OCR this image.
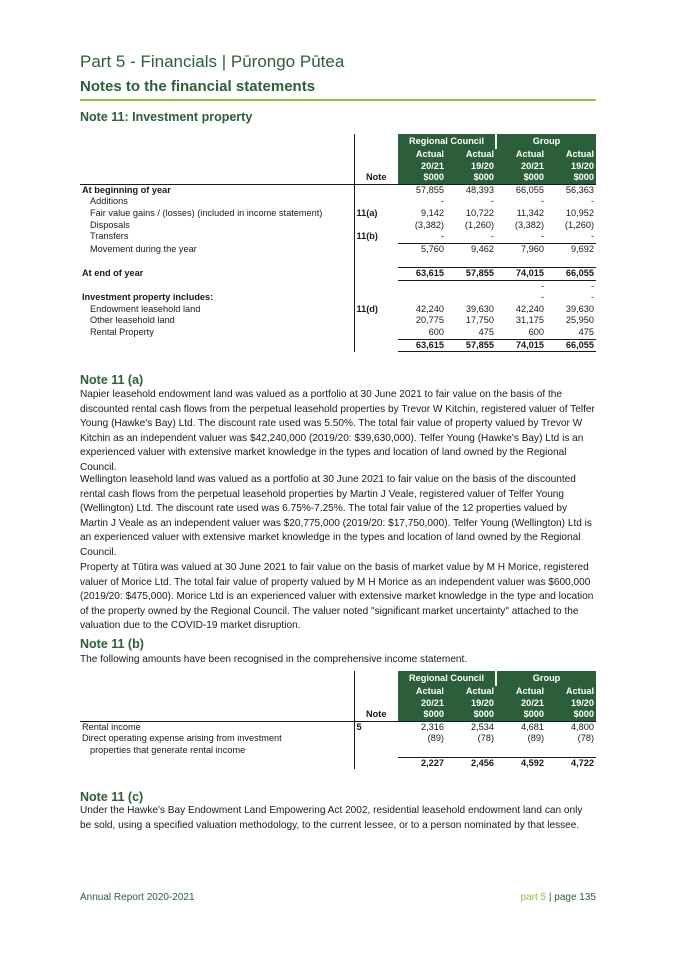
Part 5 - Financials | Pūrongo Pūtea
Notes to the financial statements
Note 11: Investment property
		Regional Council		Group	
		Actual	Actual	Actual	Actual
		20/21	19/20	20/21	19/20
	Note	$000	$000	$000	$000
At beginning of year		57,855	48,393	66,055	56,363
Additions		-	-	-	-
Fair value gains / (losses) (included in income statement)	11(a)	9,142	10,722	11,342	10,952
Disposals		(3,382)	(1,260)	(3,382)	(1,260)
Transfers	11(b)	-	-	-	-
Movement during the year		5,760	9,462	7,960	9,692

At end of year		63,615	57,855	74,015	66,055
				-	-
Investment property includes:				-	-
Endowment leasehold land	11(d)	42,240	39,630	42,240	39,630
Other leasehold land		20,775	17,750	31,175	25,950
Rental Property		600	475	600	475
		63,615	57,855	74,015	66,055
Note 11 (a)

Napier leasehold endowment land was valued as a portfolio at 30 June 2021 to fair value on the basis of the discounted rental cash flows from the perpetual leasehold properties by Trevor W Kitchin, registered valuer of Telfer Young (Hawke's Bay) Ltd. The discount rate used was 5.50%. The total fair value of property valued by Trevor W Kitchin as an independent valuer was $42,240,000 (2019/20: $39,630,000). Telfer Young (Hawke's Bay) Ltd is an experienced valuer with extensive market knowledge in the types and location of land owned by the Regional Council.

Wellington leasehold land was valued as a portfolio at 30 June 2021 to fair value on the basis of the discounted rental cash flows from the perpetual leasehold properties by Martin J Veale, registered valuer of Telfer Young (Wellington) Ltd. The discount rate used was 6.75%-7.25%. The total fair value of the 12 properties valued by Martin J Veale as an independent valuer was $20,775,000 (2019/20: $17,750,000). Telfer Young (Wellington) Ltd is an experienced valuer with extensive market knowledge in the types and location of land owned by the Regional Council.

Property at Tūtira was valued at 30 June 2021 to fair value on the basis of market value by M H Morice, registered valuer of Morice Ltd. The total fair value of property valued by M H Morice as an independent valuer was $600,000 (2019/20: $475,000). Morice Ltd is an experienced valuer with extensive market knowledge in the type and location of the property owned by the Regional Council. The valuer noted "significant market uncertainty" attached to the valuation due to the COVID-19 market disruption.

Note 11 (b)

The following amounts have been recognised in the comprehensive income statement.

		Regional Council		Group	
		Actual	Actual	Actual	Actual
		20/21	19/20	20/21	19/20
	Note	$000	$000	$000	$000
Rental income	5	2,316	2,534	4,681	4,800
Direct operating expense arising from investment		(89)	(78)	(89)	(78)
properties that generate rental income					
		2,227	2,456	4,592	4,722
Note 11 (c)

Under the Hawke's Bay Endowment Land Empowering Act 2002, residential leasehold endowment land can only be sold, using a specified valuation methodology, to the current lessee, or to a person nominated by that lessee.

Annual Report 2020-2021	part 5 | page 135
